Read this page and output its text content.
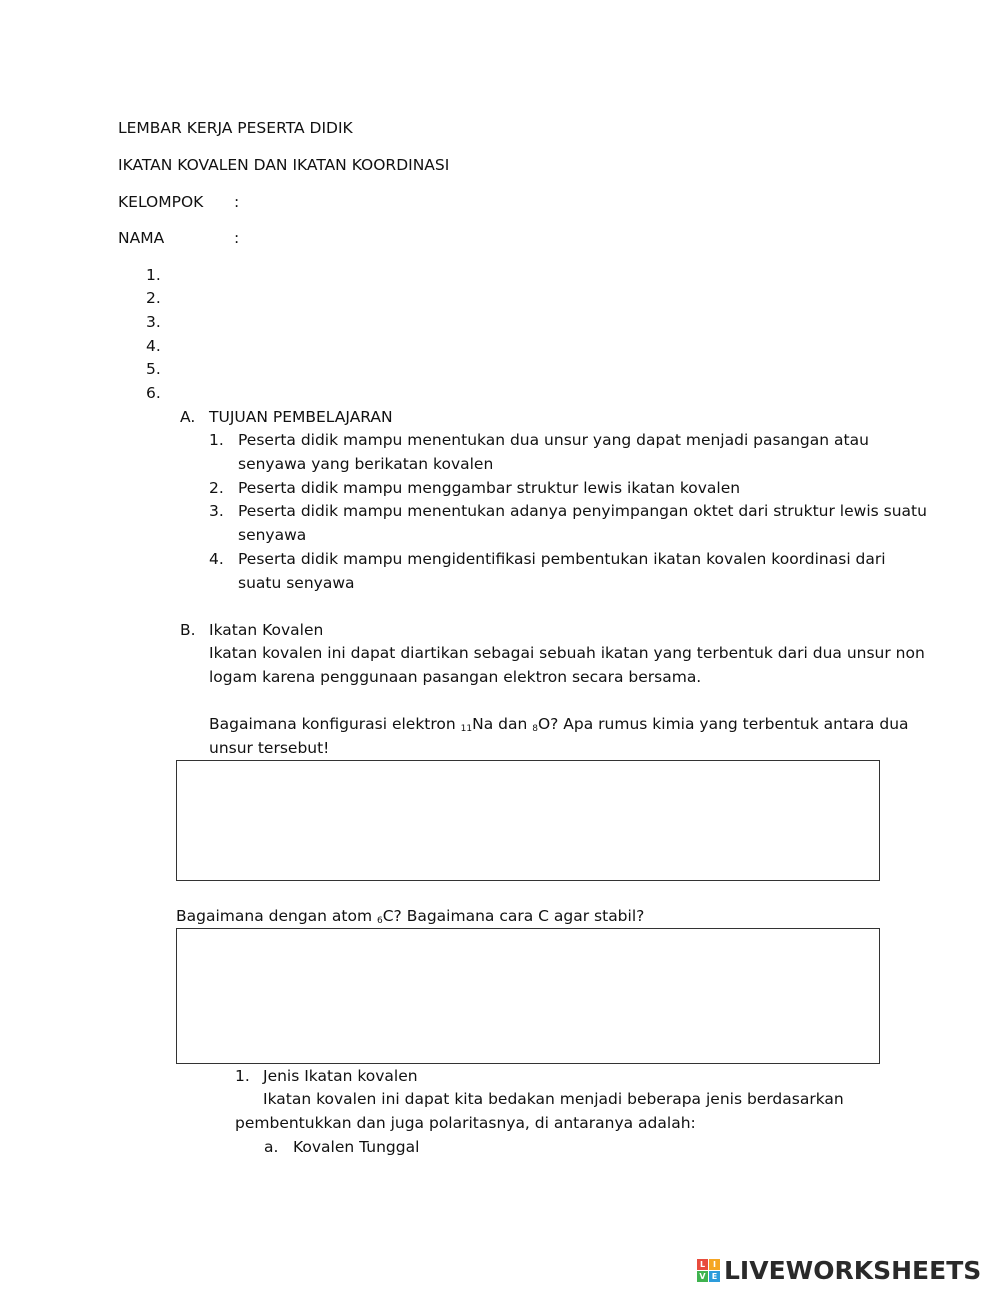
LEMBAR KERJA PESERTA DIDIK
IKATAN KOVALEN DAN IKATAN KOORDINASI
KELOMPOK :
NAMA	:
1.
2.
3.
4.
5.
6.
A. TUJUAN PEMBELAJARAN
1. Peserta didik mampu menentukan dua unsur yang dapat menjadi pasangan atau
senyawa yang berikatan kovalen
2. Peserta didik mampu menggambar struktur lewis ikatan kovalen
3. Peserta didik mampu menentukan adanya penyimpangan oktet dari struktur lewis suatu
senyawa
4. Peserta didik mampu mengidentifikasi pembentukan ikatan kovalen koordinasi dari
suatu senyawa
B. Ikatan Kovalen
Ikatan kovalen ini dapat diartikan sebagai sebuah ikatan yang terbentuk dari dua unsur non
logam karena penggunaan pasangan elektron secara bersama.
Bagaimana konfigurasi elektron $_{11}$Na dan $_8$O? Apa rumus kimia yang terbentuk antara dua
unsur tersebut!
Bagaimana dengan atom $_6$C? Bagaimana cara C agar stabil?
1. Jenis Ikatan kovalen
Ikatan kovalen ini dapat kita bedakan menjadi beberapa jenis berdasarkan
pembentukkan dan juga polaritasnya, di antaranya adalah:
a. Kovalen Tunggal
L I
V E LIVEWORKSHEETS
